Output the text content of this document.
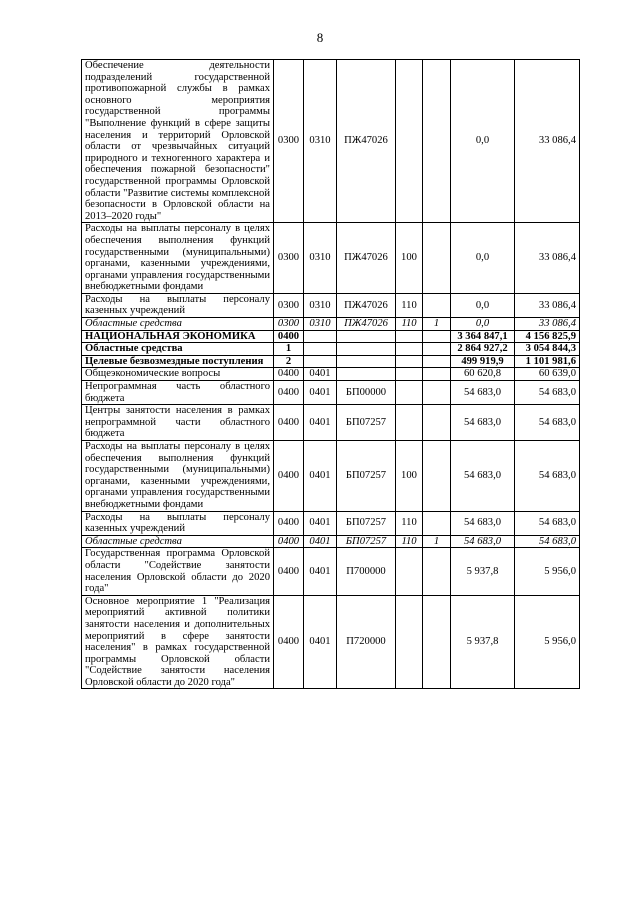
8
Обеспечение деятельности подразделений государственной противопожарной службы в рамках основного мероприятия государственной программы "Выполнение функций в сфере защиты населения и территорий Орловской области от чрезвычайных ситуаций природного и техногенного характера и обеспечения пожарной безопасности" государственной программы Орловской области "Развитие системы комплексной безопасности в Орловской области на 2013–2020 годы"	0300	0310	ПЖ47026			0,0	33 086,4
Расходы на выплаты персоналу в целях обеспечения выполнения функций государственными (муниципальными) органами, казенными учреждениями, органами управления государственными внебюджетными фондами	0300	0310	ПЖ47026	100		0,0	33 086,4
Расходы на выплаты персоналу казенных учреждений	0300	0310	ПЖ47026	110		0,0	33 086,4
Областные средства	0300	0310	ПЖ47026	110	1	0,0	33 086,4
НАЦИОНАЛЬНАЯ ЭКОНОМИКА	0400					3 364 847,1	4 156 825,9
Областные средства	1					2 864 927,2	3 054 844,3
Целевые безвозмездные поступления	2					499 919,9	1 101 981,6
Общеэкономические вопросы	0400	0401				60 620,8	60 639,0
Непрограммная часть областного бюджета	0400	0401	БП00000			54 683,0	54 683,0
Центры занятости населения в рамках непрограммной части областного бюджета	0400	0401	БП07257			54 683,0	54 683,0
Расходы на выплаты персоналу в целях обеспечения выполнения функций государственными (муниципальными) органами, казенными учреждениями, органами управления государственными внебюджетными фондами	0400	0401	БП07257	100		54 683,0	54 683,0
Расходы на выплаты персоналу казенных учреждений	0400	0401	БП07257	110		54 683,0	54 683,0
Областные средства	0400	0401	БП07257	110	1	54 683,0	54 683,0
Государственная программа Орловской области "Содействие занятости населения Орловской области до 2020 года"	0400	0401	П700000			5 937,8	5 956,0
Основное мероприятие 1 "Реализация мероприятий активной политики занятости населения и дополнительных мероприятий в сфере занятости населения" в рамках государственной программы Орловской области "Содействие занятости населения Орловской области до 2020 года"	0400	0401	П720000			5 937,8	5 956,0
